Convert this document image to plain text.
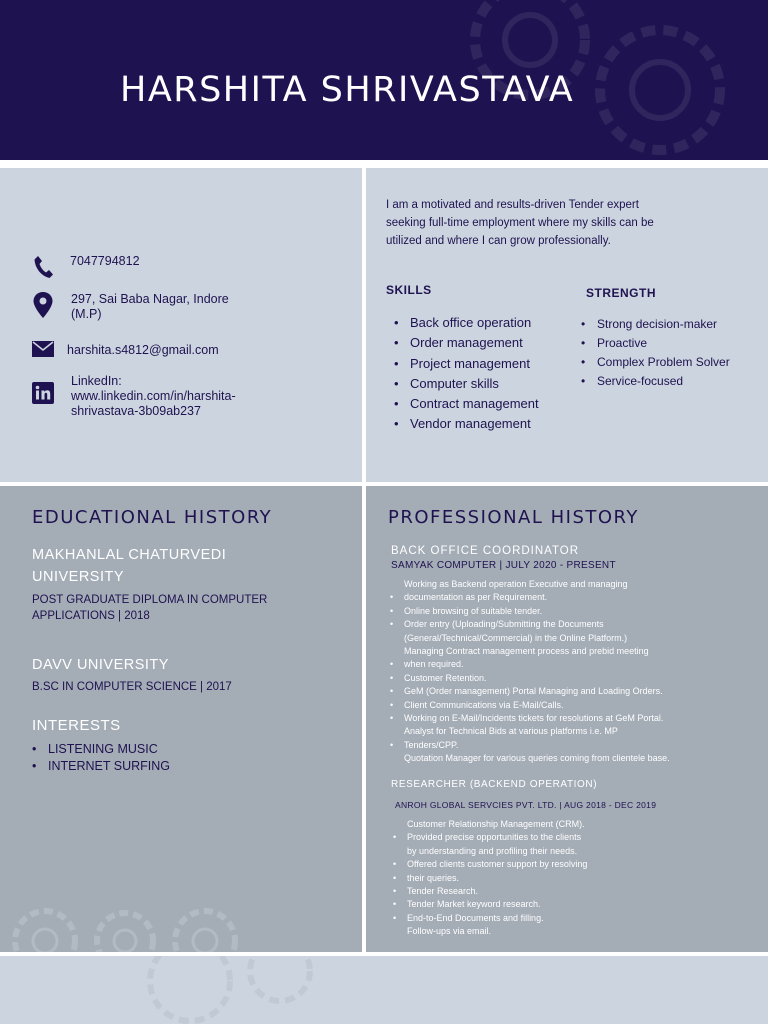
HARSHITA SHRIVASTAVA
7047794812
297, Sai Baba Nagar, Indore
(M.P)
harshita.s4812@gmail.com
LinkedIn:
www.linkedin.com/in/harshita-
shrivastava-3b09ab237
I am a motivated and results-driven Tender expert
seeking full-time employment where my skills can be
utilized and where I can grow professionally.
SKILLS
• Back office operation
• Order management
• Project management
• Computer skills
• Contract management
• Vendor management
STRENGTH
• Strong decision-maker
• Proactive
• Complex Problem Solver
• Service-focused
EDUCATIONAL HISTORY
MAKHANLAL CHATURVEDI
UNIVERSITY
POST GRADUATE DIPLOMA IN COMPUTER
APPLICATIONS | 2018
DAVV UNIVERSITY
B.SC IN COMPUTER SCIENCE | 2017
INTERESTS
• LISTENING MUSIC
• INTERNET SURFING
PROFESSIONAL HISTORY
BACK OFFICE COORDINATOR
SAMYAK COMPUTER | JULY 2020 - PRESENT
Working as Backend operation Executive and managing
• documentation as per Requirement.
• Online browsing of suitable tender.
• Order entry (Uploading/Submitting the Documents
(General/Technical/Commercial) in the Online Platform.)
Managing Contract management process and prebid meeting
• when required.
• Customer Retention.
• GeM (Order management) Portal Managing and Loading Orders.
• Client Communications via E-Mail/Calls.
• Working on E-Mail/Incidents tickets for resolutions at GeM Portal.
Analyst for Technical Bids at various platforms i.e. MP
• Tenders/CPP.
Quotation Manager for various queries coming from clientele base.
RESEARCHER (BACKEND OPERATION)
ANROH GLOBAL SERVCIES PVT. LTD. | AUG 2018 - DEC 2019
Customer Relationship Management (CRM).
• Provided precise opportunities to the clients
by understanding and profiling their needs.
• Offered clients customer support by resolving
• their queries.
• Tender Research.
• Tender Market keyword research.
• End-to-End Documents and filling.
Follow-ups via email.
